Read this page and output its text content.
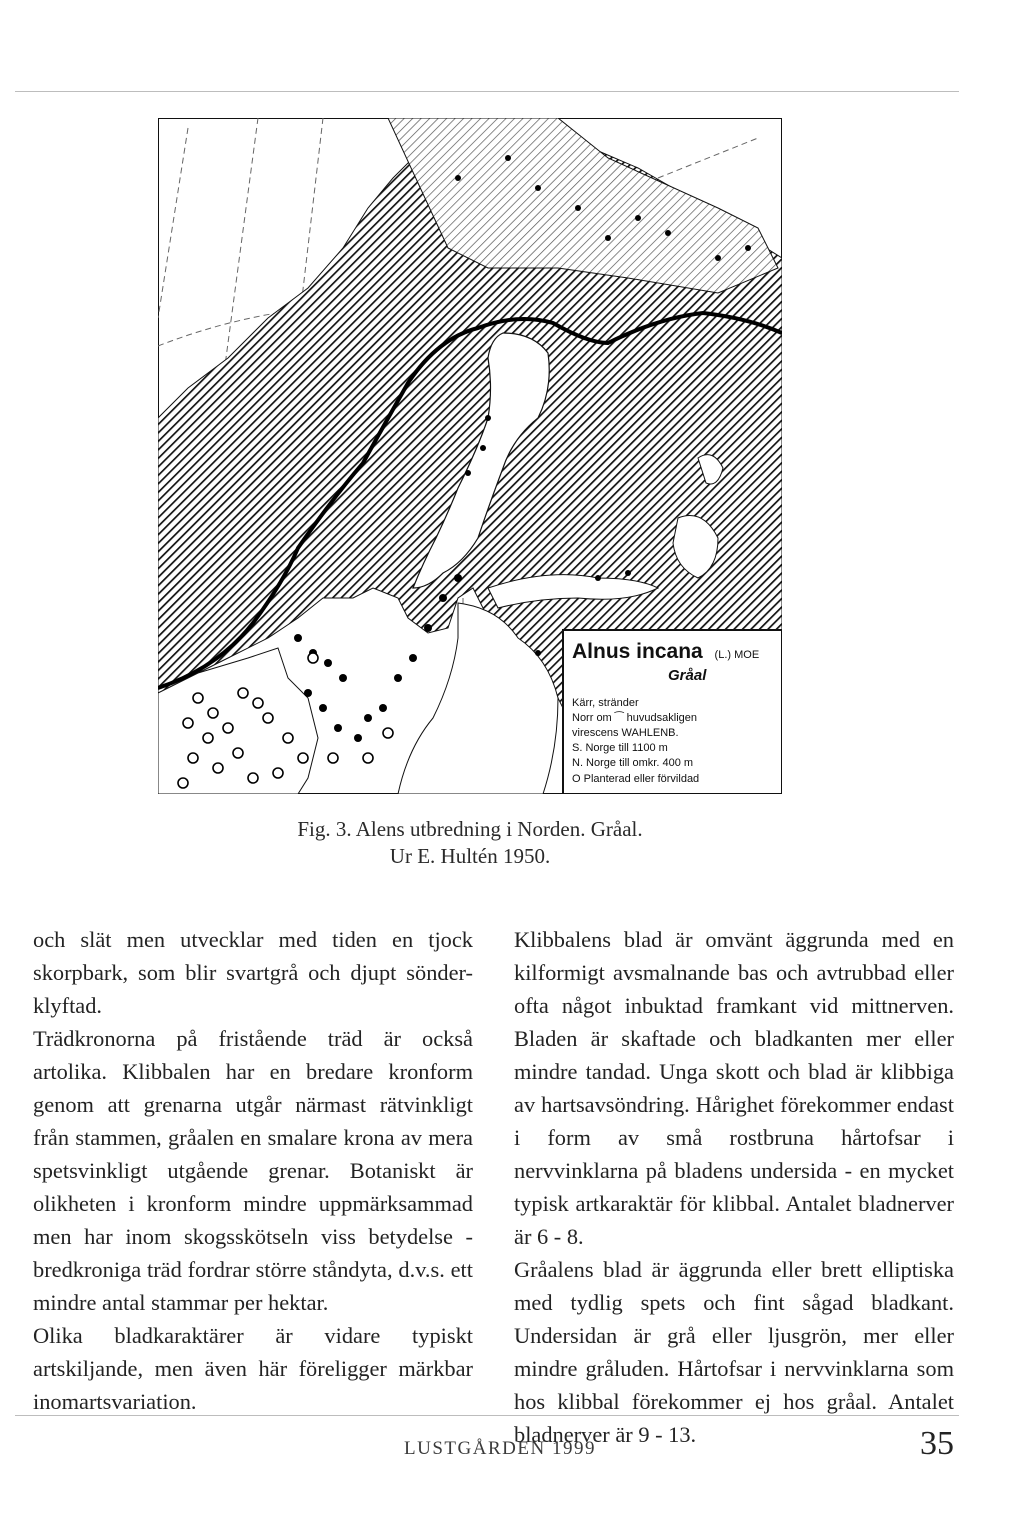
Alnus incana (L.) MOE
Gråal
Kärr, stränder
Norr om ⁀ huvudsakligen
virescens WAHLENB.
S. Norge till 1100 m
N. Norge till omkr. 400 m
O Planterad eller förvildad
Fig. 3. Alens utbredning i Norden. Gråal.
Ur E. Hultén 1950.

och slät men utvecklar med tiden en tjock skorpbark, som blir svartgrå och djupt sönder-klyftad.

Trädkronorna på fristående träd är också artolika. Klibbalen har en bredare kronform genom att grenarna utgår närmast rätvinkligt från stammen, gråalen en smalare krona av mera spetsvinkligt utgående grenar. Botaniskt är olikheten i kronform mindre uppmärksammad men har inom skogsskötseln viss betydelse - bredkroniga träd fordrar större ståndyta, d.v.s. ett mindre antal stammar per hektar.

Olika bladkaraktärer är vidare typiskt artskiljande, men även här föreligger märkbar inomartsvariation.

Klibbalens blad är omvänt äggrunda med en kilformigt avsmalnande bas och avtrubbad eller ofta något inbuktad framkant vid mittnerven. Bladen är skaftade och bladkanten mer eller mindre tandad. Unga skott och blad är klibbiga av hartsavsöndring. Hårighet förekommer endast i form av små rostbruna hårtofsar i nervvinklarna på bladens undersida - en mycket typisk artkaraktär för klibbal. Antalet bladnerver är 6 - 8.

Gråalens blad är äggrunda eller brett elliptiska med tydlig spets och fint sågad bladkant. Undersidan är grå eller ljusgrön, mer eller mindre gråluden. Hårtofsar i nervvinklarna som hos klibbal förekommer ej hos gråal. Antalet bladnerver är 9 - 13.

LUSTGÅRDEN 1999	35
